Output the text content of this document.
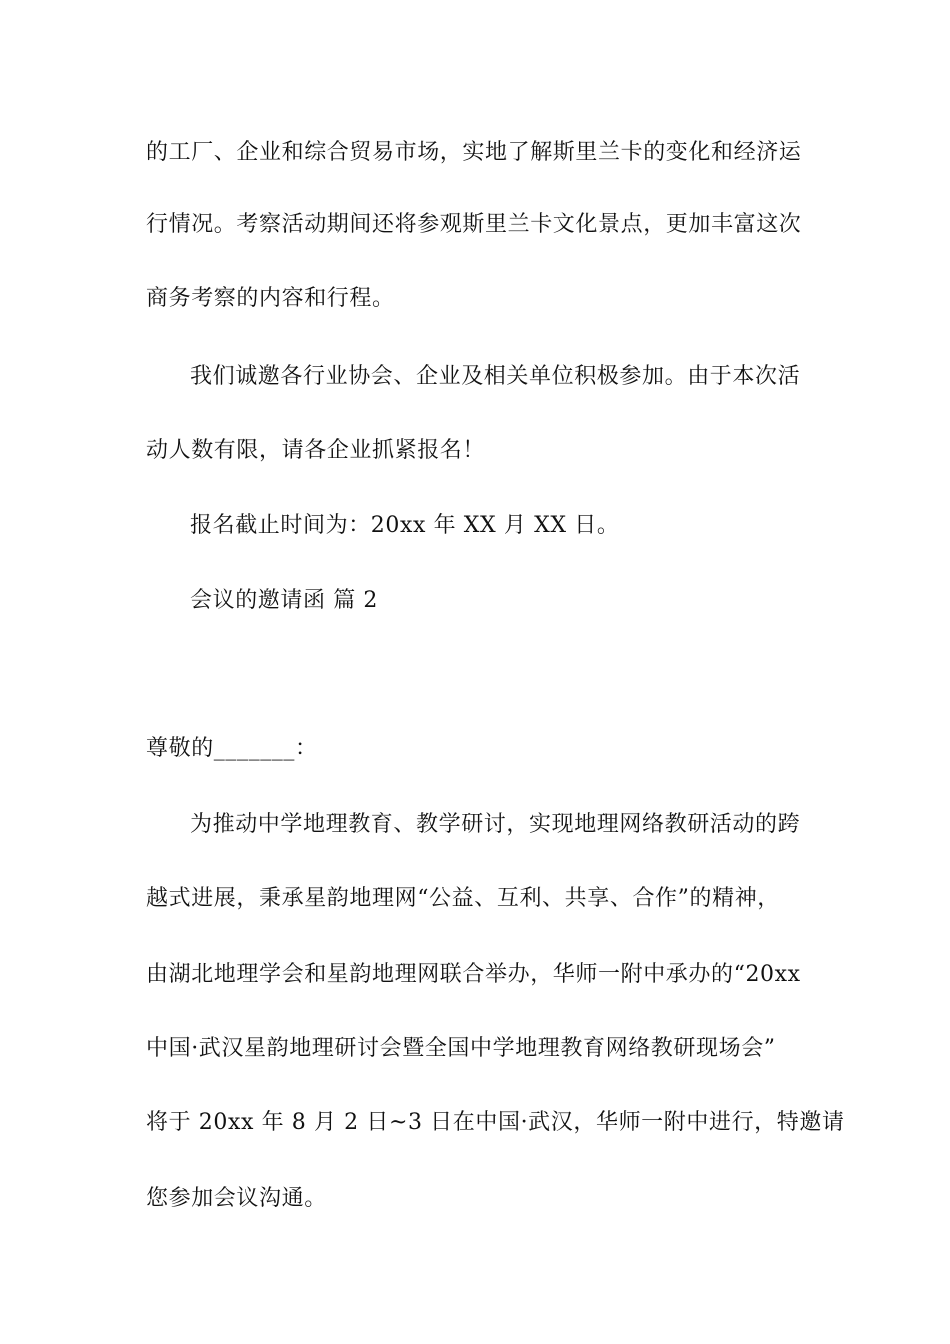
的工厂、企业和综合贸易市场，实地了解斯里兰卡的变化和经济运
行情况。考察活动期间还将参观斯里兰卡文化景点，更加丰富这次
商务考察的内容和行程。
我们诚邀各行业协会、企业及相关单位积极参加。由于本次活
动人数有限，请各企业抓紧报名！
报名截止时间为：20xx 年 XX 月 XX 日。
会议的邀请函 篇 2
尊敬的_______：
为推动中学地理教育、教学研讨，实现地理网络教研活动的跨
越式进展，秉承星韵地理网“公益、互利、共享、合作”的精神，
由湖北地理学会和星韵地理网联合举办，华师一附中承办的“20xx
中国·武汉星韵地理研讨会暨全国中学地理教育网络教研现场会”
将于 20xx 年 8 月 2 日~3 日在中国·武汉，华师一附中进行，特邀请
您参加会议沟通。
